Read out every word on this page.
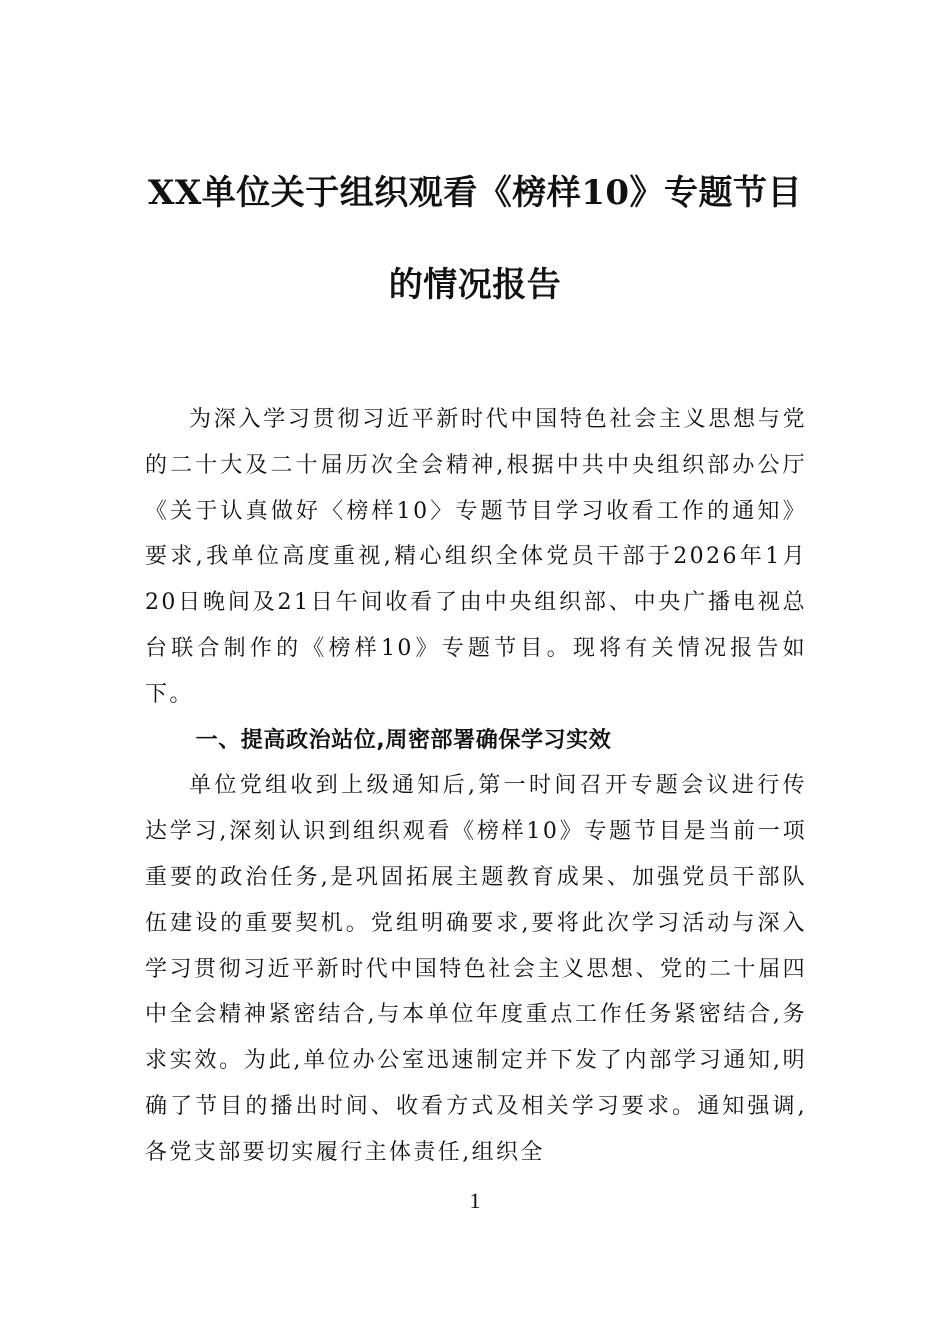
XX单位关于组织观看《榜样10》专题节目
的情况报告

为深入学习贯彻习近平新时代中国特色社会主义思想与党的二十大及二十届历次全会精神,根据中共中央组织部办公厅《关于认真做好〈榜样10〉专题节目学习收看工作的通知》要求,我单位高度重视,精心组织全体党员干部于2026年1月20日晚间及21日午间收看了由中央组织部、中央广播电视总台联合制作的《榜样10》专题节目。现将有关情况报告如下。

一、提高政治站位,周密部署确保学习实效

单位党组收到上级通知后,第一时间召开专题会议进行传达学习,深刻认识到组织观看《榜样10》专题节目是当前一项重要的政治任务,是巩固拓展主题教育成果、加强党员干部队伍建设的重要契机。党组明确要求,要将此次学习活动与深入学习贯彻习近平新时代中国特色社会主义思想、党的二十届四中全会精神紧密结合,与本单位年度重点工作任务紧密结合,务求实效。为此,单位办公室迅速制定并下发了内部学习通知,明确了节目的播出时间、收看方式及相关学习要求。通知强调,各党支部要切实履行主体责任,组织全

1
